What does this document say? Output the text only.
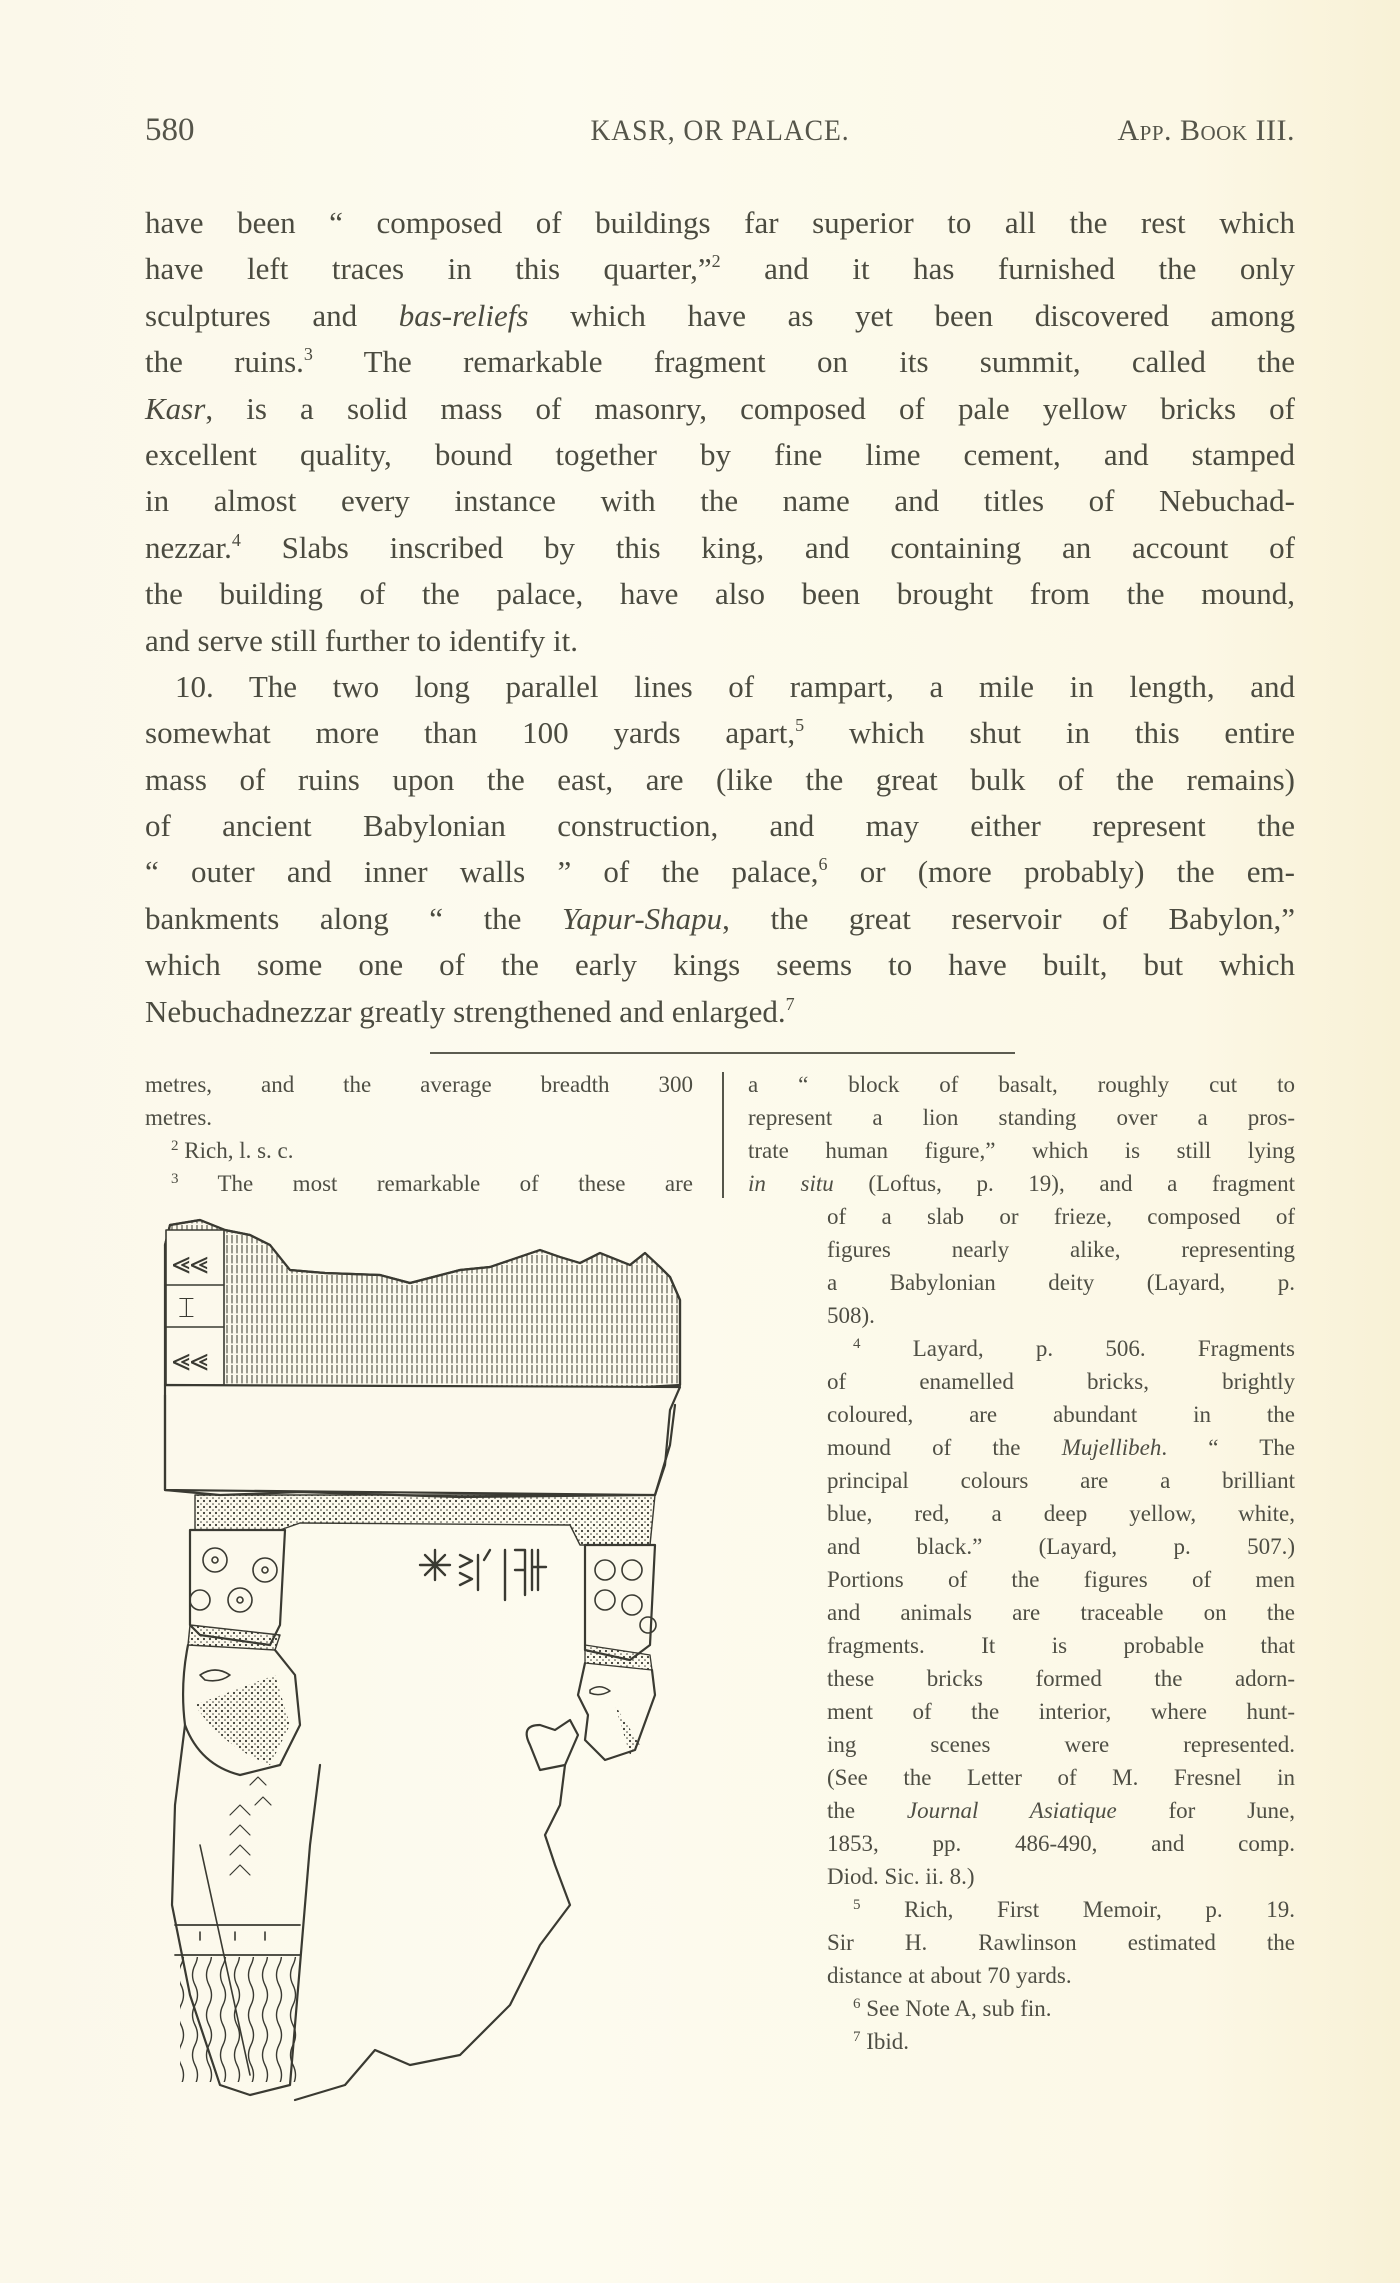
580	KASR, OR PALACE.	App. Book III.
have been “ composed of buildings far superior to all the rest which
have left traces in this quarter,”$^2$ and it has furnished the only
sculptures and bas-reliefs which have as yet been discovered among
the ruins.$^3$ The remarkable fragment on its summit, called the
Kasr, is a solid mass of masonry, composed of pale yellow bricks of
excellent quality, bound together by fine lime cement, and stamped
in almost every instance with the name and titles of Nebuchad-
nezzar.$^4$ Slabs inscribed by this king, and containing an account of
the building of the palace, have also been brought from the mound,
and serve still further to identify it.
10. The two long parallel lines of rampart, a mile in length, and
somewhat more than 100 yards apart,$^5$ which shut in this entire
mass of ruins upon the east, are (like the great bulk of the remains)
of ancient Babylonian construction, and may either represent the
“ outer and inner walls ” of the palace,$^6$ or (more probably) the em-
bankments along “ the Yapur-Shapu, the great reservoir of Babylon,”
which some one of the early kings seems to have built, but which
Nebuchadnezzar greatly strengthened and enlarged.$^7$
metres, and the average breadth 300
metres.
$^2$ Rich, l. s. c.
$^3$ The most remarkable of these are
a “ block of basalt, roughly cut to
represent a lion standing over a pros-
trate human figure,” which is still lying
in situ (Loftus, p. 19), and a fragment
of a slab or frieze, composed of
figures nearly alike, representing
a Babylonian deity (Layard, p.
508).
$^4$ Layard, p. 506. Fragments
of enamelled bricks, brightly
coloured, are abundant in the
mound of the Mujellibeh. “ The
principal colours are a brilliant
blue, red, a deep yellow, white,
and black.” (Layard, p. 507.)
Portions of the figures of men
and animals are traceable on the
fragments. It is probable that
these bricks formed the adorn-
ment of the interior, where hunt-
ing scenes were represented.
(See the Letter of M. Fresnel in
the Journal Asiatique for June,
1853, pp. 486-490, and comp.
Diod. Sic. ii. 8.)
$^5$ Rich, First Memoir, p. 19.
Sir H. Rawlinson estimated the
distance at about 70 yards.
$^6$ See Note A, sub fin.
$^7$ Ibid.
⪡⪡
⌶
⪡⪡
